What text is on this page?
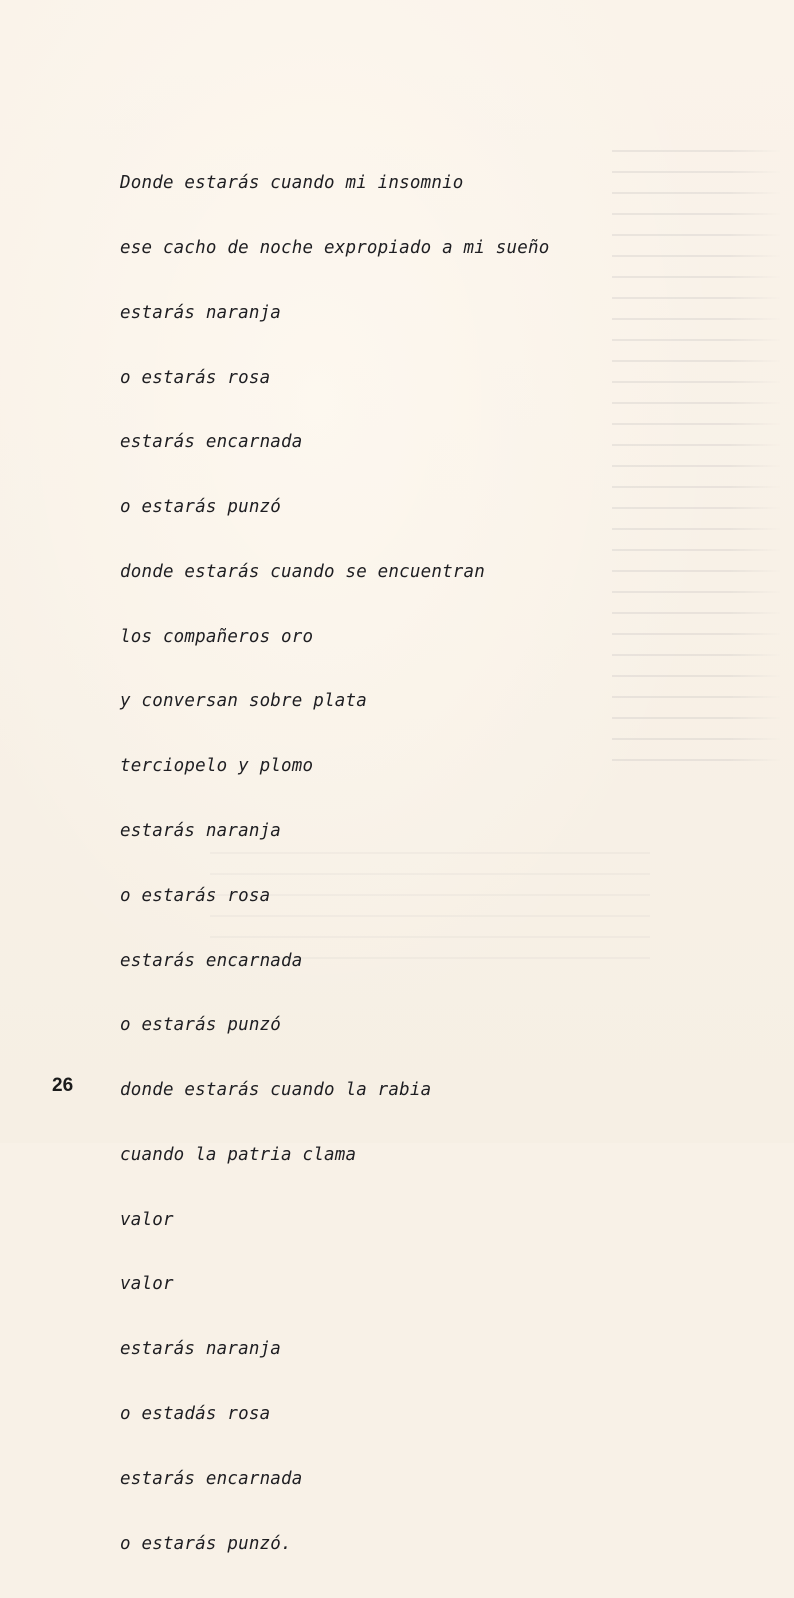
Donde estarás cuando mi insomnio

ese cacho de noche expropiado a mi sueño

estarás naranja

o estarás rosa

estarás encarnada

o estarás punzó

donde estarás cuando se encuentran

los compañeros oro

y conversan sobre plata

terciopelo y plomo

estarás naranja

o estarás rosa

estarás encarnada

o estarás punzó

donde estarás cuando la rabia

cuando la patria clama

valor

valor

estarás naranja

o estadás rosa

estarás encarnada

o estarás punzó.

26
